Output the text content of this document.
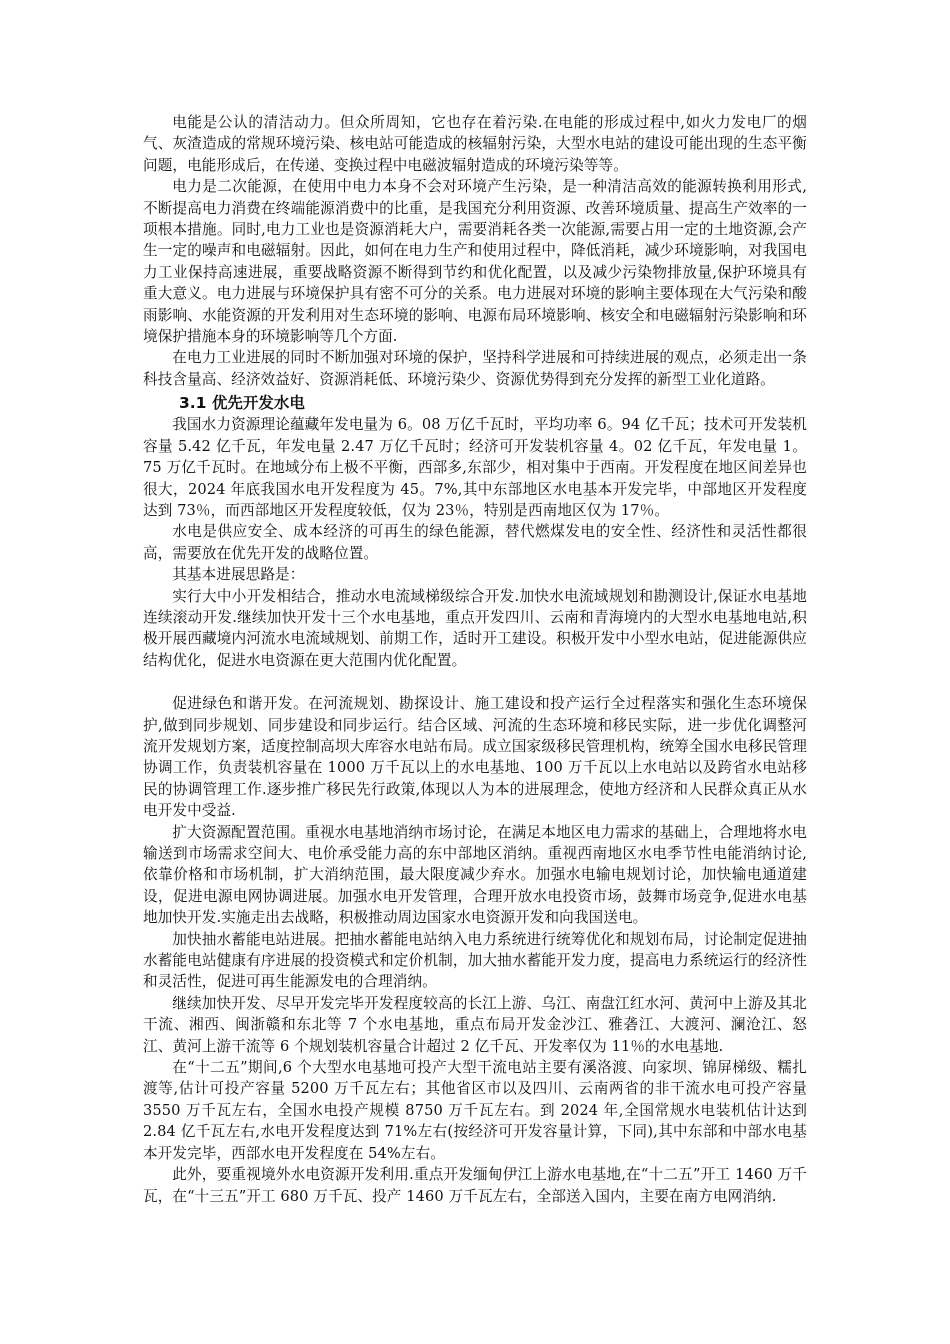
电能是公认的清洁动力。但众所周知，它也存在着污染.在电能的形成过程中,如火力发电厂的烟气、灰渣造成的常规环境污染、核电站可能造成的核辐射污染，大型水电站的建设可能出现的生态平衡问题，电能形成后，在传递、变换过程中电磁波辐射造成的环境污染等等。

电力是二次能源，在使用中电力本身不会对环境产生污染，是一种清洁高效的能源转换利用形式,不断提高电力消费在终端能源消费中的比重，是我国充分利用资源、改善环境质量、提高生产效率的一项根本措施。同时,电力工业也是资源消耗大户，需要消耗各类一次能源,需要占用一定的土地资源,会产生一定的噪声和电磁辐射。因此，如何在电力生产和使用过程中，降低消耗，减少环境影响，对我国电力工业保持高速进展，重要战略资源不断得到节约和优化配置，以及减少污染物排放量,保护环境具有重大意义。电力进展与环境保护具有密不可分的关系。电力进展对环境的影响主要体现在大气污染和酸雨影响、水能资源的开发利用对生态环境的影响、电源布局环境影响、核安全和电磁辐射污染影响和环境保护措施本身的环境影响等几个方面.

在电力工业进展的同时不断加强对环境的保护，坚持科学进展和可持续进展的观点，必须走出一条科技含量高、经济效益好、资源消耗低、环境污染少、资源优势得到充分发挥的新型工业化道路。

3.1 优先开发水电

我国水力资源理论蕴藏年发电量为 6。08 万亿千瓦时，平均功率 6。94 亿千瓦；技术可开发装机容量 5.42 亿千瓦，年发电量 2.47 万亿千瓦时；经济可开发装机容量 4。02 亿千瓦，年发电量 1。75 万亿千瓦时。在地域分布上极不平衡，西部多,东部少，相对集中于西南。开发程度在地区间差异也很大，2024 年底我国水电开发程度为 45。7%,其中东部地区水电基本开发完毕，中部地区开发程度达到 73％，而西部地区开发程度较低，仅为 23％，特别是西南地区仅为 17％。

水电是供应安全、成本经济的可再生的绿色能源，替代燃煤发电的安全性、经济性和灵活性都很高，需要放在优先开发的战略位置。

其基本进展思路是：

实行大中小开发相结合，推动水电流域梯级综合开发.加快水电流域规划和勘测设计,保证水电基地连续滚动开发.继续加快开发十三个水电基地，重点开发四川、云南和青海境内的大型水电基地电站,积极开展西藏境内河流水电流域规划、前期工作，适时开工建设。积极开发中小型水电站，促进能源供应结构优化，促进水电资源在更大范围内优化配置。

促进绿色和谐开发。在河流规划、勘探设计、施工建设和投产运行全过程落实和强化生态环境保护,做到同步规划、同步建设和同步运行。结合区域、河流的生态环境和移民实际，进一步优化调整河流开发规划方案，适度控制高坝大库容水电站布局。成立国家级移民管理机构，统筹全国水电移民管理协调工作，负责装机容量在 1000 万千瓦以上的水电基地、100 万千瓦以上水电站以及跨省水电站移民的协调管理工作.逐步推广移民先行政策,体现以人为本的进展理念，使地方经济和人民群众真正从水电开发中受益.

扩大资源配置范围。重视水电基地消纳市场讨论，在满足本地区电力需求的基础上，合理地将水电输送到市场需求空间大、电价承受能力高的东中部地区消纳。重视西南地区水电季节性电能消纳讨论,依靠价格和市场机制，扩大消纳范围，最大限度减少弃水。加强水电输电规划讨论，加快输电通道建设，促进电源电网协调进展。加强水电开发管理，合理开放水电投资市场，鼓舞市场竞争,促进水电基地加快开发.实施走出去战略，积极推动周边国家水电资源开发和向我国送电。

加快抽水蓄能电站进展。把抽水蓄能电站纳入电力系统进行统筹优化和规划布局，讨论制定促进抽水蓄能电站健康有序进展的投资模式和定价机制，加大抽水蓄能开发力度，提高电力系统运行的经济性和灵活性，促进可再生能源发电的合理消纳。

继续加快开发、尽早开发完毕开发程度较高的长江上游、乌江、南盘江红水河、黄河中上游及其北干流、湘西、闽浙赣和东北等 7 个水电基地，重点布局开发金沙江、雅砻江、大渡河、澜沧江、怒江、黄河上游干流等 6 个规划装机容量合计超过 2 亿千瓦、开发率仅为 11％的水电基地.

在“十二五”期间,6 个大型水电基地可投产大型干流电站主要有溪洛渡、向家坝、锦屏梯级、糯扎渡等,估计可投产容量 5200 万千瓦左右；其他省区市以及四川、云南两省的非干流水电可投产容量 3550 万千瓦左右，全国水电投产规模 8750 万千瓦左右。到 2024 年,全国常规水电装机估计达到 2.84 亿千瓦左右,水电开发程度达到 71%左右(按经济可开发容量计算，下同),其中东部和中部水电基本开发完毕，西部水电开发程度在 54%左右。

此外，要重视境外水电资源开发利用.重点开发缅甸伊江上游水电基地,在“十二五”开工 1460 万千瓦，在“十三五”开工 680 万千瓦、投产 1460 万千瓦左右，全部送入国内，主要在南方电网消纳.
